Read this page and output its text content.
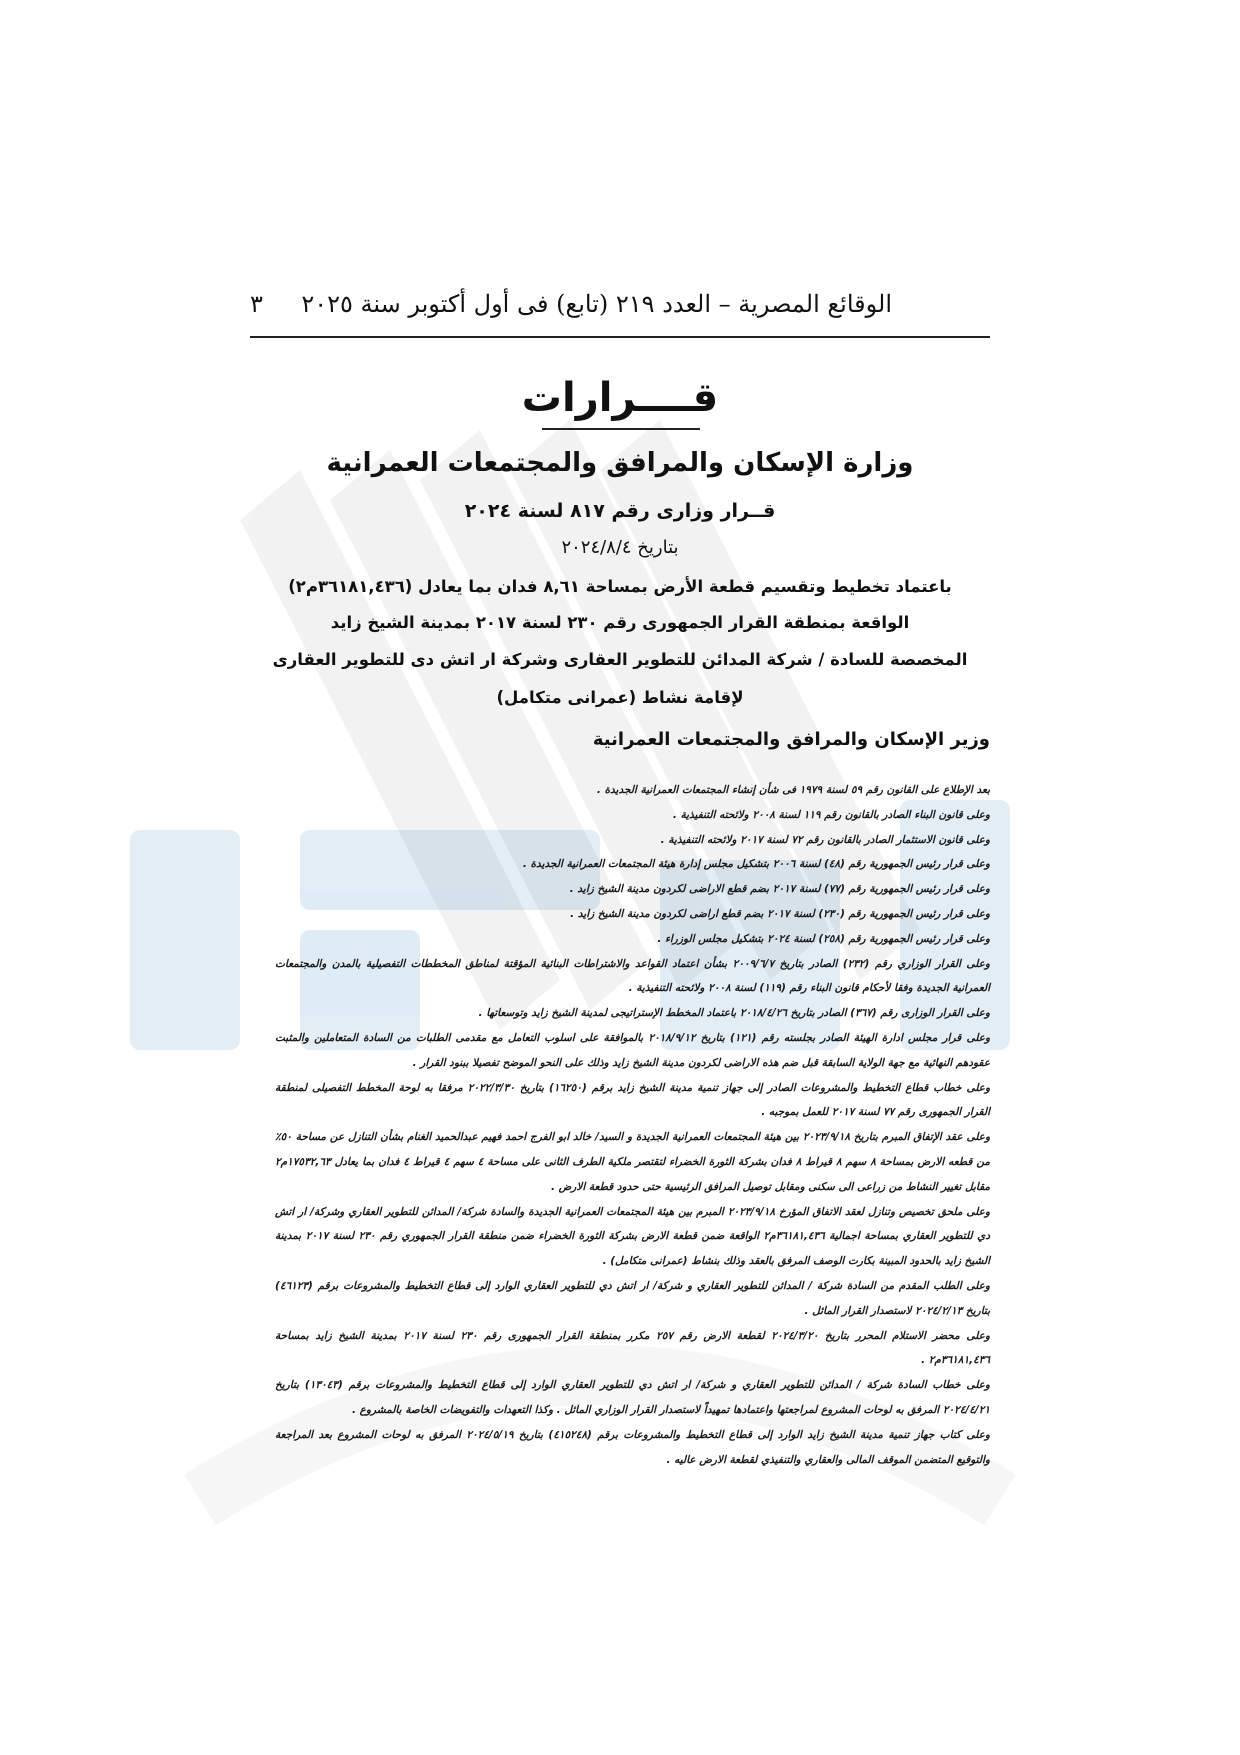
الوقائع المصرية – العدد ٢١٩ (تابع) فى أول أكتوبر سنة ٢٠٢٥
٣
قــــرارات
وزارة الإسكان والمرافق والمجتمعات العمرانية
قــرار وزارى رقم ٨١٧ لسنة ٢٠٢٤
بتاريخ ٢٠٢٤/٨/٤
باعتماد تخطيط وتقسيم قطعة الأرض بمساحة ٨,٦١ فدان بما يعادل (٣٦١٨١,٤٣٦م٢)
الواقعة بمنطقة القرار الجمهورى رقم ٢٣٠ لسنة ٢٠١٧ بمدينة الشيخ زايد
المخصصة للسادة / شركة المدائن للتطوير العقارى وشركة ار اتش دى للتطوير العقارى
لإقامة نشاط (عمرانى متكامل)
وزير الإسكان والمرافق والمجتمعات العمرانية

بعد الإطلاع على القانون رقم ٥٩ لسنة ١٩٧٩ فى شأن إنشاء المجتمعات العمرانية الجديدة .

وعلى قانون البناء الصادر بالقانون رقم ١١٩ لسنة ٢٠٠٨ ولائحته التنفيذية .

وعلى قانون الاستثمار الصادر بالقانون رقم ٧٢ لسنة ٢٠١٧ ولائحته التنفيذية .

وعلى قرار رئيس الجمهورية رقم (٤٨) لسنة ٢٠٠٦ بتشكيل مجلس إدارة هيئة المجتمعات العمرانية الجديدة .

وعلى قرار رئيس الجمهورية رقم (٧٧) لسنة ٢٠١٧ بضم قطع الاراضى لكردون مدينة الشيخ زايد .

وعلى قرار رئيس الجمهورية رقم (٢٣٠) لسنة ٢٠١٧ بضم قطع اراضى لكردون مدينة الشيخ زايد .

وعلى قرار رئيس الجمهورية رقم (٢٥٨) لسنة ٢٠٢٤ بتشكيل مجلس الوزراء .

وعلى القرار الوزاري رقم (٢٣٢) الصادر بتاريخ ٢٠٠٩/٦/٧ بشأن اعتماد القواعد والاشتراطات البنائية المؤقتة لمناطق المخططات التفصيلية بالمدن والمجتمعات العمرانية الجديدة وفقا لأحكام قانون البناء رقم (١١٩) لسنة ٢٠٠٨ ولائحته التنفيذية .

وعلى القرار الوزارى رقم (٣٦٧) الصادر بتاريخ ٢٠١٨/٤/٢٦ باعتماد المخطط الإستراتيجى لمدينة الشيخ زايد وتوسعاتها .

وعلى قرار مجلس ادارة الهيئة الصادر بجلسته رقم (١٢١) بتاريخ ٢٠١٨/٩/١٢ بالموافقة على اسلوب التعامل مع مقدمى الطلبات من السادة المتعاملين والمثبت عقودهم النهائية مع جهة الولاية السابقة قبل ضم هذه الاراضى لكردون مدينة الشيخ زايد وذلك على النحو الموضح تفصيلا ببنود القرار .

وعلى خطاب قطاع التخطيط والمشروعات الصادر إلى جهاز تنمية مدينة الشيخ زايد برقم (١٦٢٥٠) بتاريخ ٢٠٢٢/٣/٣٠ مرفقا به لوحة المخطط التفصيلى لمنطقة القرار الجمهورى رقم ٧٧ لسنة ٢٠١٧ للعمل بموجبه .

وعلى عقد الإتفاق المبرم بتاريخ ٢٠٢٣/٩/١٨ بين هيئة المجتمعات العمرانية الجديدة و السيد/ خالد ابو الفرج احمد فهيم عبدالحميد الغنام بشأن التنازل عن مساحة ٥٠٪ من قطعه الارض بمساحة ٨ سهم ٨ قيراط ٨ فدان بشركة الثورة الخضراء لتقتصر ملكية الطرف الثانى على مساحة ٤ سهم ٤ قيراط ٤ فدان بما يعادل ١٧٥٣٢,٦٣م٢ مقابل تغيير النشاط من زراعى الى سكنى ومقابل توصيل المرافق الرئيسية حتى حدود قطعة الارض .

وعلى ملحق تخصيص وتنازل لعقد الاتفاق المؤرخ ٢٠٢٣/٩/١٨ المبرم بين هيئة المجتمعات العمرانية الجديدة والسادة شركة/ المدائن للتطوير العقاري وشركة/ ار اتش دي للتطوير العقاري بمساحة اجمالية ٣٦١٨١,٤٣٦م٢ الواقعة ضمن قطعة الارض بشركة الثورة الخضراء ضمن منطقة القرار الجمهوري رقم ٢٣٠ لسنة ٢٠١٧ بمدينة الشيخ زايد بالحدود المبينة بكارت الوصف المرفق بالعقد وذلك بنشاط (عمرانى متكامل) .

وعلى الطلب المقدم من السادة شركة / المدائن للتطوير العقاري و شركة/ ار اتش دي للتطوير العقاري الوارد إلى قطاع التخطيط والمشروعات برقم (٤٦١٢٣) بتاريخ ٢٠٢٤/٢/١٣ لاستصدار القرار المائل .

وعلى محضر الاستلام المحرر بتاريخ ٢٠٢٤/٣/٢٠ لقطعة الارض رقم ٢٥٧ مكرر بمنطقة القرار الجمهورى رقم ٢٣٠ لسنة ٢٠١٧ بمدينة الشيخ زايد بمساحة ٣٦١٨١,٤٣٦م٢ .

وعلى خطاب السادة شركة / المدائن للتطوير العقاري و شركة/ ار اتش دي للتطوير العقاري الوارد إلى قطاع التخطيط والمشروعات برقم (١٣٠٤٣) بتاريخ ٢٠٢٤/٤/٢١ المرفق به لوحات المشروع لمراجعتها واعتمادها تمهيداً لاستصدار القرار الوزاري المائل . وكذا التعهدات والتفويضات الخاصة بالمشروع .

وعلى كتاب جهاز تنمية مدينة الشيخ زايد الوارد إلى قطاع التخطيط والمشروعات برقم (٤١٥٢٤٨) بتاريخ ٢٠٢٤/٥/١٩ المرفق به لوحات المشروع بعد المراجعة والتوقيع المتضمن الموقف المالى والعقاري والتنفيذي لقطعة الارض عاليه .
